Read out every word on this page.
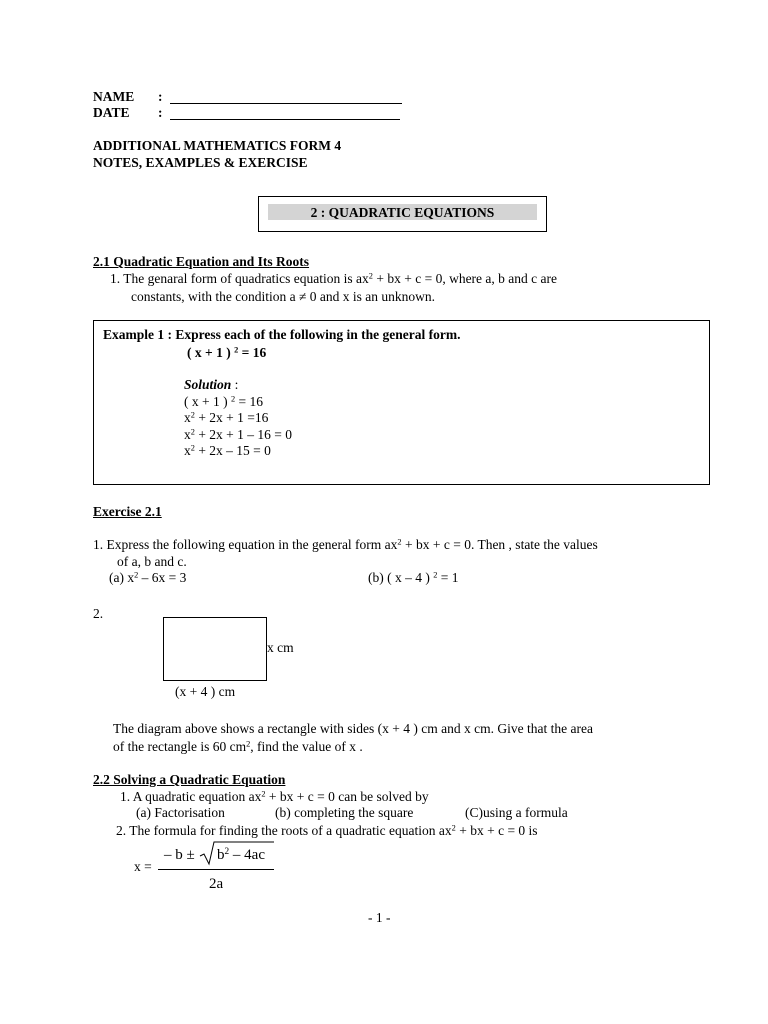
NAME :
DATE :
ADDITIONAL MATHEMATICS FORM 4
NOTES, EXAMPLES & EXERCISE
2 : QUADRATIC EQUATIONS
2.1 Quadratic Equation and Its Roots
1. The genaral form of quadratics equation is $ax^2$ + bx + c = 0, where a, b and c are
constants, with the condition a ≠ 0 and x is an unknown.
Example 1 : Express each of the following in the general form.
( x + 1 ) $^2$ = 16
Solution :
( x + 1 ) $^2$ = 16
$x^2 + 2x + 1 =16$
$x^2 + 2x + 1 - 16 = 0$
$x^2 + 2x - 15 = 0$
Exercise 2.1
1. Express the following equation in the general form $ax^2$ + bx + c = 0. Then , state the values
of a, b and c.
(a) $x^2 - 6x = 3$	(b) ( x – 4 ) $^2$ = 1
2.
x cm
(x + 4 ) cm
The diagram above shows a rectangle with sides (x + 4 ) cm and x cm. Give that the area
of the rectangle is 60 $cm^2$, find the value of x .
2.2 Solving a Quadratic Equation
1. A quadratic equation $ax^2$ + bx + c = 0 can be solved by
(a) Factorisation	(b) completing the square	(C)using a formula
2. The formula for finding the roots of a quadratic equation $ax^2$ + bx + c = 0 is
x =
– $b \pm b^2 - 4ac$
2a
- 1 -
